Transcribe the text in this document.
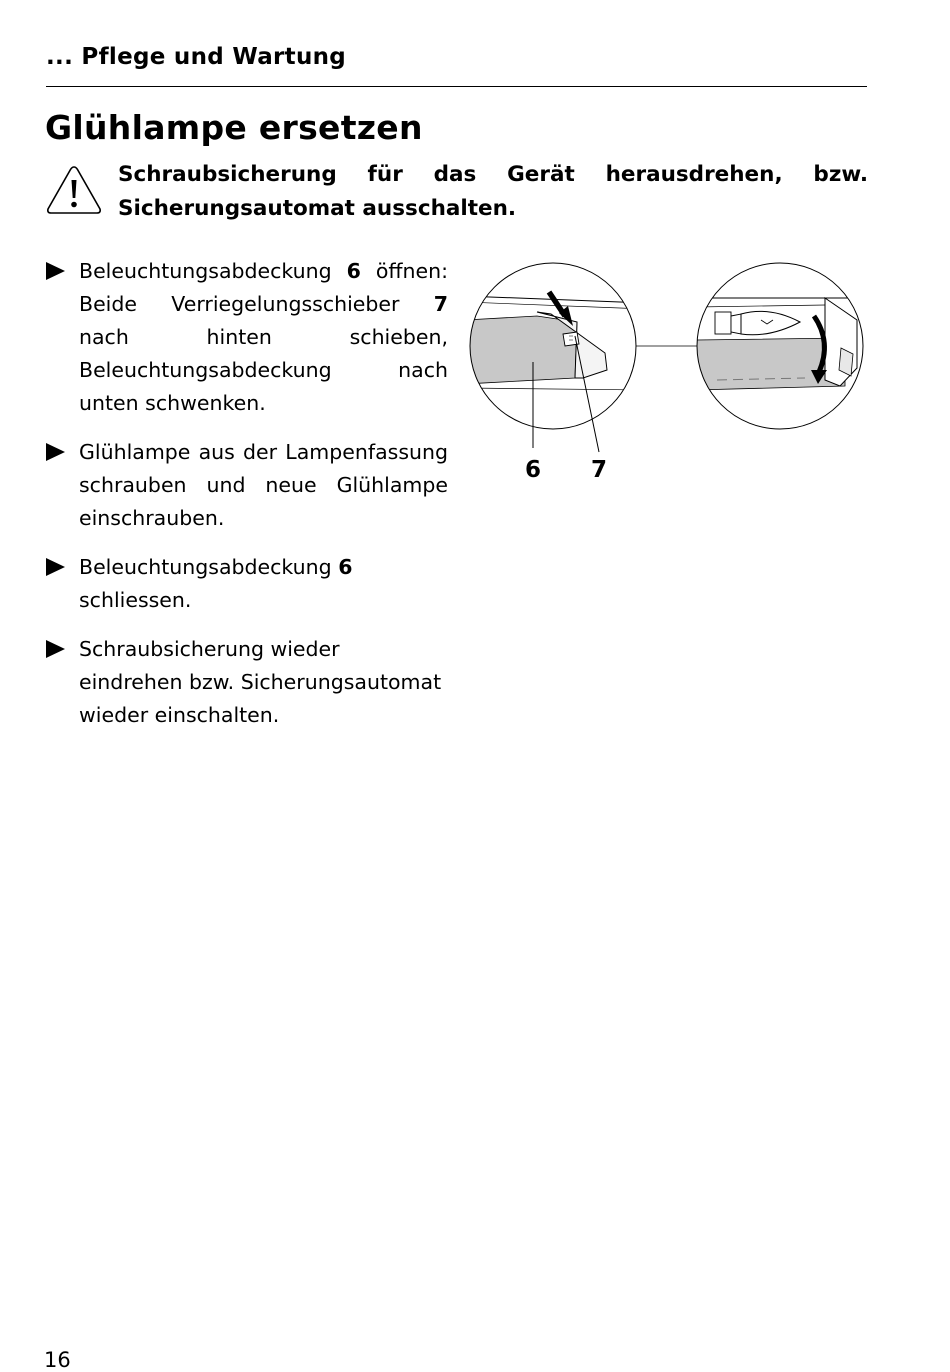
... Pflege und Wartung
Glühlampe ersetzen
Schraubsicherung für das Gerät herausdrehen, bzw. Sicherungsautomat ausschalten.
Beleuchtungsabdeckung 6 öffnen: Beide Verriegelungsschieber 7 nach hinten schieben, Beleuchtungsabdeckung nach unten schwenken.
Glühlampe aus der Lampenfassung schrauben und neue Glühlampe einschrauben.
Beleuchtungsabdeckung 6
schliessen.
Schraubsicherung wieder eindrehen bzw. Sicherungsautomat wieder einschalten.
6 7
16
